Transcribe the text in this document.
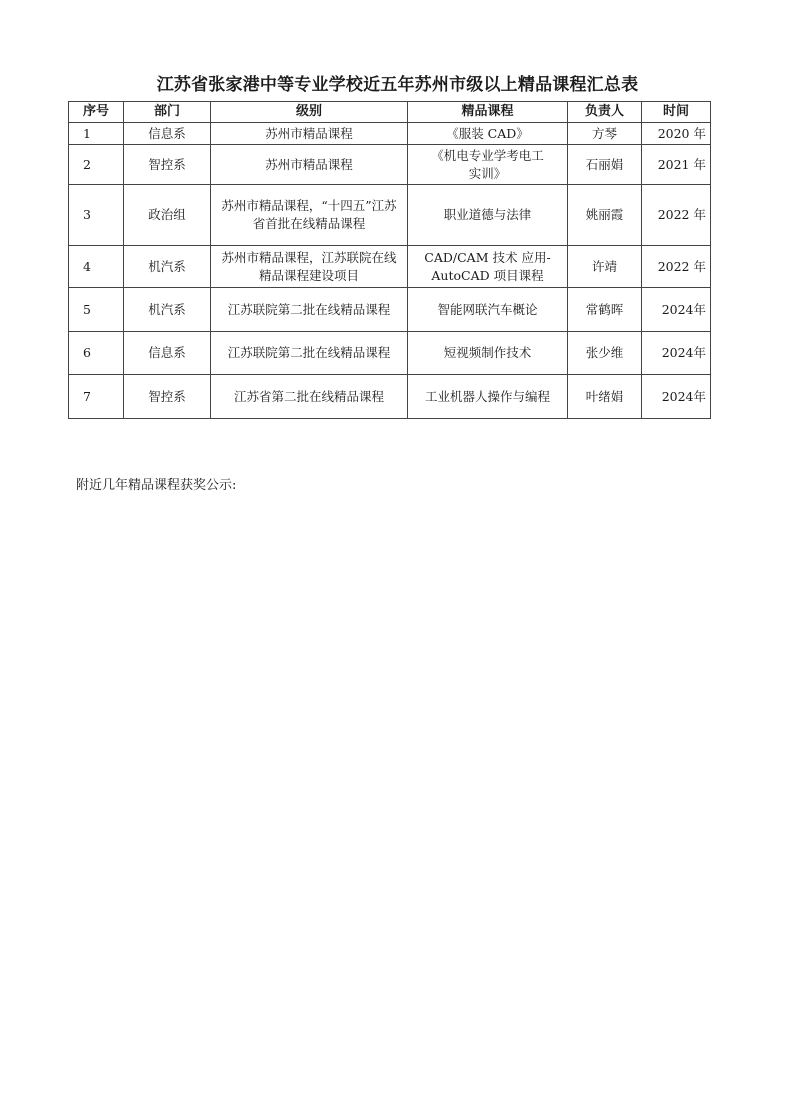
江苏省张家港中等专业学校近五年苏州市级以上精品课程汇总表
序号	部门	级别	精品课程	负责人	时间
1	信息系	苏州市精品课程	《服装 CAD》	方琴	2020 年
2	智控系	苏州市精品课程	《机电专业学考电工实训》	石丽娟	2021 年
3	政治组	苏州市精品课程，“十四五”江苏省首批在线精品课程	职业道德与法律	姚丽霞	2022 年
4	机汽系	苏州市精品课程，江苏联院在线精品课程建设项目	CAD/CAM 技术 应用-AutoCAD 项目课程	许靖	2022 年
5	机汽系	江苏联院第二批在线精品课程	智能网联汽车概论	常鹤晖	2024年
6	信息系	江苏联院第二批在线精品课程	短视频制作技术	张少维	2024年
7	智控系	江苏省第二批在线精品课程	工业机器人操作与编程	叶绪娟	2024年

附近几年精品课程获奖公示:
